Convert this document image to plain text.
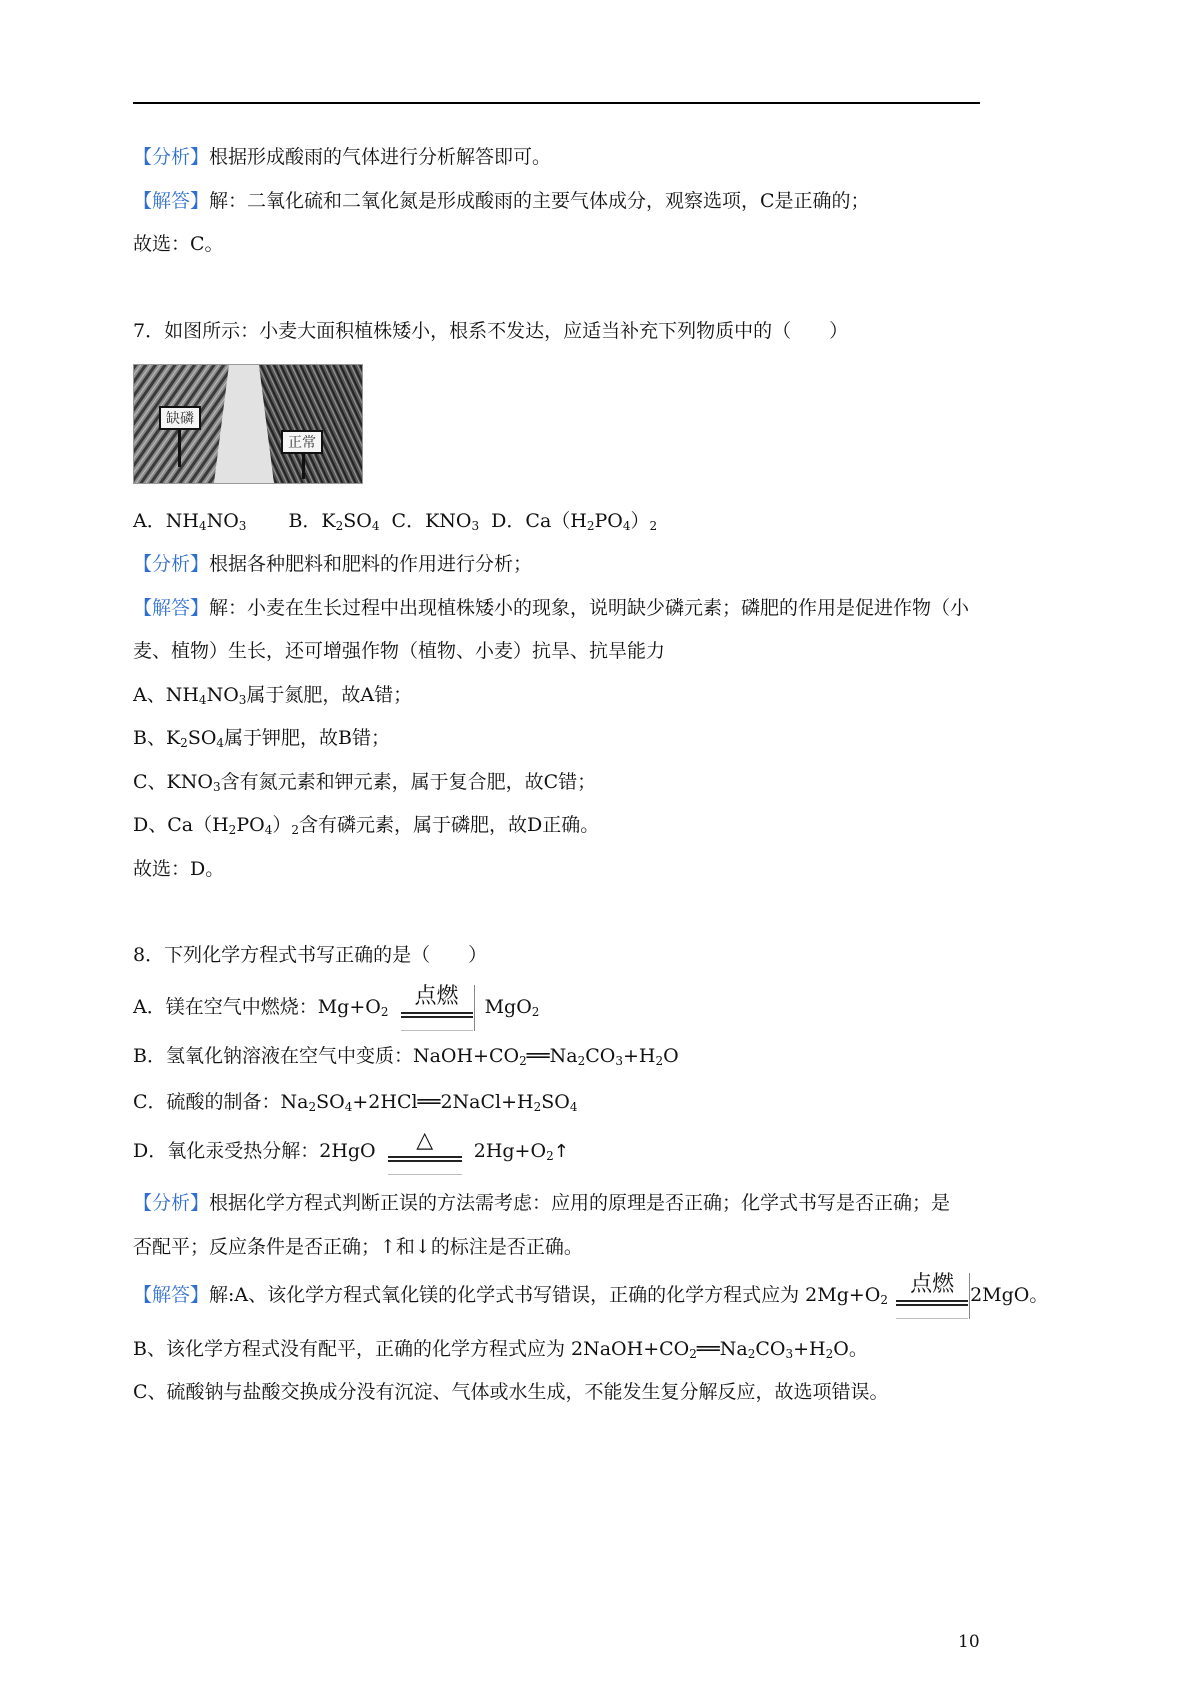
【分析】根据形成酸雨的气体进行分析解答即可。
【解答】解：二氧化硫和二氧化氮是形成酸雨的主要气体成分，观察选项，C是正确的；
故选：C。
7．如图所示：小麦大面积植株矮小，根系不发达，应适当补充下列物质中的（　　）
缺磷
正常
A．$NH_4NO_3$ B．$K_2SO_4$ C．$KNO_3$ D．$Ca(H_2PO_4)_2$
【分析】根据各种肥料和肥料的作用进行分析；
【解答】解：小麦在生长过程中出现植株矮小的现象，说明缺少磷元素；磷肥的作用是促进作物（小
麦、植物）生长，还可增强作物（植物、小麦）抗旱、抗旱能力
A、$NH_4NO_3$属于氮肥，故A错；
B、$K_2SO_4$属于钾肥，故B错；
C、$KNO_3$含有氮元素和钾元素，属于复合肥，故C错；
D、$Ca(H_2PO_4)_2$含有磷元素，属于磷肥，故D正确。
故选：D。
8．下列化学方程式书写正确的是（　　）
A．镁在空气中燃烧：$Mg+O_2$
点燃	MgO$_2$
B．氢氧化钠溶液在空气中变质：$NaOH+CO_2══Na_2CO_3+H_2O$
C．硫酸的制备：$Na_2SO_4+2HCl══2NaCl+H_2SO_4$
D．氧化汞受热分解：2HgO	△	$2Hg+O_2↑$
【分析】根据化学方程式判断正误的方法需考虑：应用的原理是否正确；化学式书写是否正确；是
否配平；反应条件是否正确；↑和↓的标注是否正确。
【解答】解:A、该化学方程式氧化镁的化学式书写错误，正确的化学方程式应为 $2Mg+O_2$
点燃 2MgO。
B、该化学方程式没有配平，正确的化学方程式应为 $2NaOH+CO_2══Na_2CO_3+H_2O$。
C、硫酸钠与盐酸交换成分没有沉淀、气体或水生成，不能发生复分解反应，故选项错误。
10
